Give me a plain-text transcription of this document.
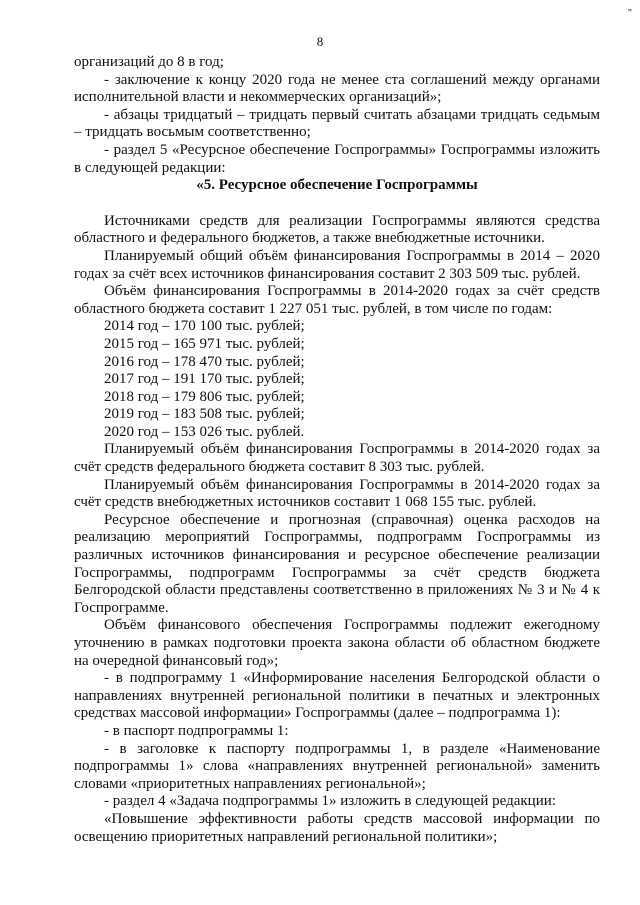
"
8

организаций до 8 в год;

- заключение к концу 2020 года не менее ста соглашений между органами исполнительной власти и некоммерческих организаций»;

- абзацы тридцатый – тридцать первый считать абзацами тридцать седьмым – тридцать восьмым соответственно;

- раздел 5 «Ресурсное обеспечение Госпрограммы» Госпрограммы изложить в следующей редакции:

«5. Ресурсное обеспечение Госпрограммы

Источниками средств для реализации Госпрограммы являются средства областного и федерального бюджетов, а также внебюджетные источники.

Планируемый общий объём финансирования Госпрограммы в 2014 – 2020 годах за счёт всех источников финансирования составит 2 303 509 тыс. рублей.

Объём финансирования Госпрограммы в 2014-2020 годах за счёт средств областного бюджета составит 1 227 051 тыс. рублей, в том числе по годам:

2014 год – 170 100 тыс. рублей;
2015 год – 165 971 тыс. рублей;
2016 год – 178 470 тыс. рублей;
2017 год – 191 170 тыс. рублей;
2018 год – 179 806 тыс. рублей;
2019 год – 183 508 тыс. рублей;
2020 год – 153 026 тыс. рублей.

Планируемый объём финансирования Госпрограммы в 2014-2020 годах за счёт средств федерального бюджета составит 8 303 тыс. рублей.

Планируемый объём финансирования Госпрограммы в 2014-2020 годах за счёт средств внебюджетных источников составит 1 068 155 тыс. рублей.

Ресурсное обеспечение и прогнозная (справочная) оценка расходов на реализацию мероприятий Госпрограммы, подпрограмм Госпрограммы из различных источников финансирования и ресурсное обеспечение реализации Госпрограммы, подпрограмм Госпрограммы за счёт средств бюджета Белгородской области представлены соответственно в приложениях № 3 и № 4 к Госпрограмме.

Объём финансового обеспечения Госпрограммы подлежит ежегодному уточнению в рамках подготовки проекта закона области об областном бюджете на очередной финансовый год»;

- в подпрограмму 1 «Информирование населения Белгородской области о направлениях внутренней региональной политики в печатных и электронных средствах массовой информации» Госпрограммы (далее – подпрограмма 1):

- в паспорт подпрограммы 1:

- в заголовке к паспорту подпрограммы 1, в разделе «Наименование подпрограммы 1» слова «направлениях внутренней региональной» заменить словами «приоритетных направлениях региональной»;

- раздел 4 «Задача подпрограммы 1» изложить в следующей редакции:

«Повышение эффективности работы средств массовой информации по освещению приоритетных направлений региональной политики»;
